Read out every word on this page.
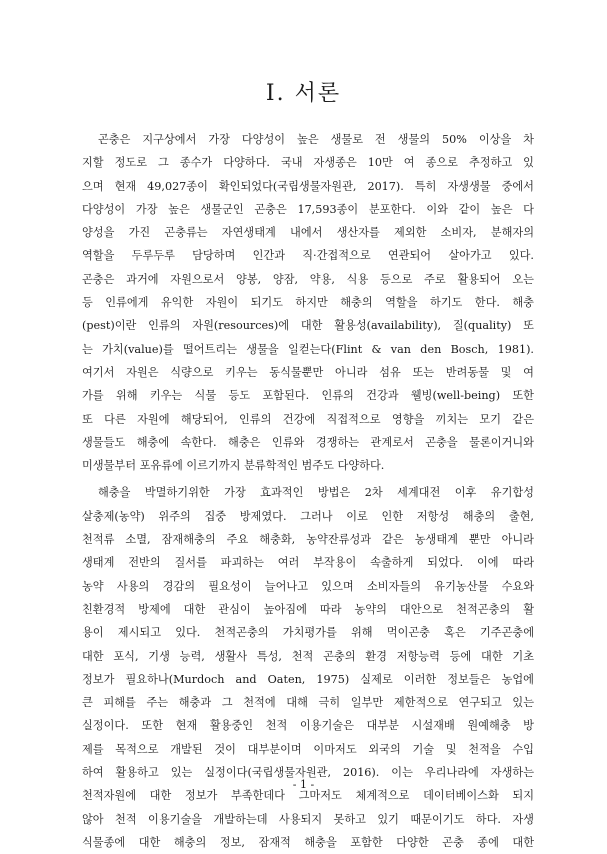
Ⅰ. 서론
곤충은 지구상에서 가장 다양성이 높은 생물로 전 생물의 50% 이상을 차
지할 정도로 그 종수가 다양하다. 국내 자생종은 10만 여 종으로 추정하고 있
으며 현재 49,027종이 확인되었다(국립생물자원관, 2017). 특히 자생생물 중에서
다양성이 가장 높은 생물군인 곤충은 17,593종이 분포한다. 이와 같이 높은 다
양성을 가진 곤충류는 자연생태계 내에서 생산자를 제외한 소비자, 분해자의
역할을 두루두루 담당하며 인간과 직·간접적으로 연관되어 살아가고 있다.
곤충은 과거에 자원으로서 양봉, 양잠, 약용, 식용 등으로 주로 활용되어 오는
등 인류에게 유익한 자원이 되기도 하지만 해충의 역할을 하기도 한다. 해충
(pest)이란 인류의 자원(resources)에 대한 활용성(availability), 질(quality) 또
는 가치(value)를 떨어트리는 생물을 일컫는다(Flint & van den Bosch, 1981).
여기서 자원은 식량으로 키우는 동식물뿐만 아니라 섬유 또는 반려동물 및 여
가를 위해 키우는 식물 등도 포함된다. 인류의 건강과 웰빙(well-being) 또한
또 다른 자원에 해당되어, 인류의 건강에 직접적으로 영향을 끼치는 모기 같은
생물들도 해충에 속한다. 해충은 인류와 경쟁하는 관계로서 곤충을 물론이거니와
미생물부터 포유류에 이르기까지 분류학적인 범주도 다양하다.
해충을 박멸하기위한 가장 효과적인 방법은 2차 세계대전 이후 유기합성
살충제(농약) 위주의 집중 방제였다. 그러나 이로 인한 저항성 해충의 출현,
천적류 소멸, 잠재해충의 주요 해충화, 농약잔류성과 같은 농생태계 뿐만 아니라
생태계 전반의 질서를 파괴하는 여러 부작용이 속출하게 되었다. 이에 따라
농약 사용의 경감의 필요성이 늘어나고 있으며 소비자들의 유기농산물 수요와
친환경적 방제에 대한 관심이 높아짐에 따라 농약의 대안으로 천적곤충의 활
용이 제시되고 있다. 천적곤충의 가치평가를 위해 먹이곤충 혹은 기주곤충에
대한 포식, 기생 능력, 생활사 특성, 천적 곤충의 환경 저항능력 등에 대한 기초
정보가 필요하나(Murdoch and Oaten, 1975) 실제로 이러한 정보들은 농업에
큰 피해를 주는 해충과 그 천적에 대해 극히 일부만 제한적으로 연구되고 있는
실정이다. 또한 현재 활용중인 천적 이용기술은 대부분 시설재배 원예해충 방
제를 목적으로 개발된 것이 대부분이며 이마저도 외국의 기술 및 천적을 수입
하여 활용하고 있는 실정이다(국립생물자원관, 2016). 이는 우리나라에 자생하는
천적자원에 대한 정보가 부족한데다 그마저도 체계적으로 데이터베이스화 되지
않아 천적 이용기술을 개발하는데 사용되지 못하고 있기 때문이기도 하다. 자생
식물종에 대한 해충의 정보, 잠재적 해충을 포함한 다양한 곤충 종에 대한
- 1 -
